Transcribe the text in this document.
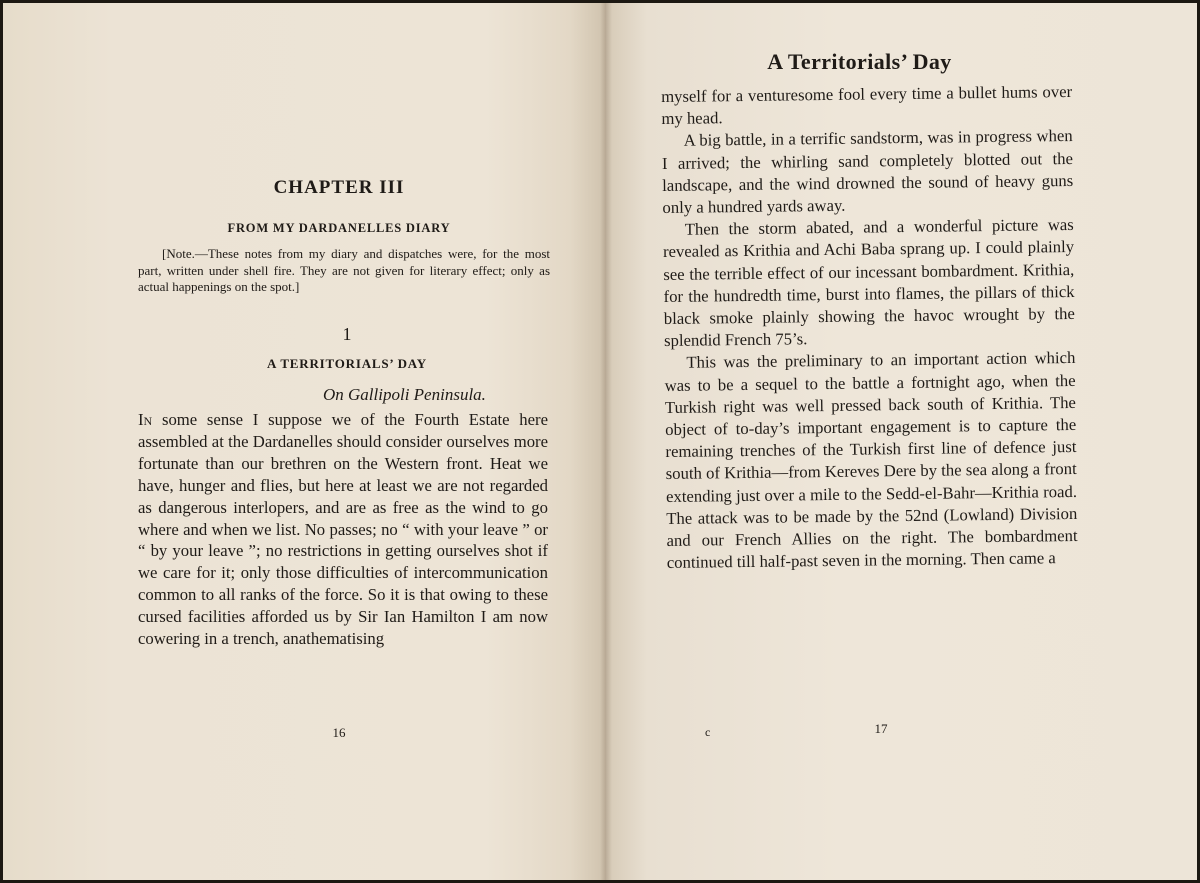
CHAPTER III
FROM MY DARDANELLES DIARY

[Note.—These notes from my diary and dispatches were, for the most part, written under shell fire. They are not given for literary effect; only as actual happenings on the spot.]

1
A TERRITORIALS’ DAY
On Gallipoli Peninsula.

In some sense I suppose we of the Fourth Estate here assembled at the Dardanelles should consider ourselves more fortunate than our brethren on the Western front. Heat we have, hunger and flies, but here at least we are not regarded as dangerous interlopers, and are as free as the wind to go where and when we list. No passes; no “ with your leave ” or “ by your leave ”; no restrictions in getting ourselves shot if we care for it; only those difficulties of intercommunication common to all ranks of the force. So it is that owing to these cursed facilities afforded us by Sir Ian Hamilton I am now cowering in a trench, anathematising

16
A Territorials’ Day

myself for a venturesome fool every time a bullet hums over my head.

A big battle, in a terrific sandstorm, was in progress when I arrived; the whirling sand completely blotted out the landscape, and the wind drowned the sound of heavy guns only a hundred yards away.

Then the storm abated, and a wonderful picture was revealed as Krithia and Achi Baba sprang up. I could plainly see the terrible effect of our incessant bombardment. Krithia, for the hundredth time, burst into flames, the pillars of thick black smoke plainly showing the havoc wrought by the splendid French 75’s.

This was the preliminary to an important action which was to be a sequel to the battle a fortnight ago, when the Turkish right was well pressed back south of Krithia. The object of to-day’s important engagement is to capture the remaining trenches of the Turkish first line of defence just south of Krithia—from Kereves Dere by the sea along a front extending just over a mile to the Sedd-el-Bahr—Krithia road. The attack was to be made by the 52nd (Lowland) Division and our French Allies on the right. The bombardment continued till half-past seven in the morning. Then came a

c	17
